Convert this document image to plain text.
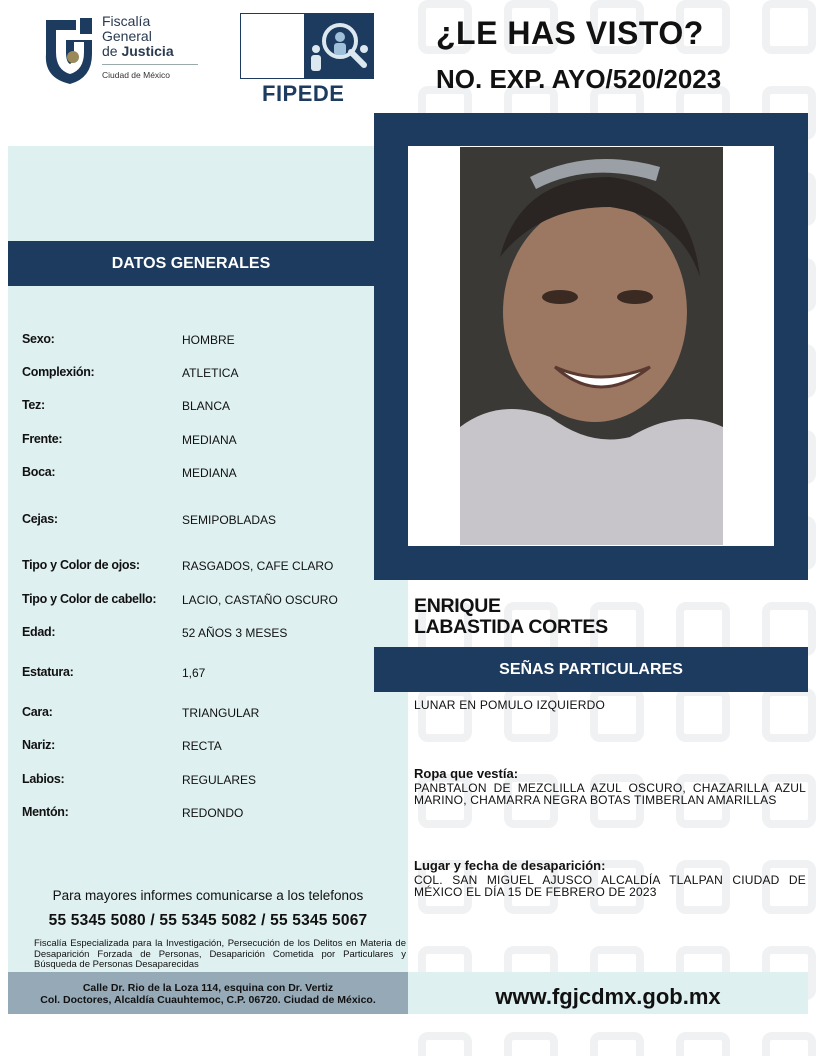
Fiscalía
General
de Justicia
Ciudad de México
FIPEDE
¿LE HAS VISTO?
NO. EXP. AYO/520/2023
DATOS GENERALES
Sexo:	HOMBRE
Complexión:	ATLETICA
Tez:	BLANCA
Frente:	MEDIANA
Boca:	MEDIANA
Cejas:	SEMIPOBLADAS
Tipo y Color de ojos:	RASGADOS, CAFE CLARO
Tipo y Color de cabello: LACIO, CASTAÑO OSCURO
Edad:	52 AÑOS 3 MESES
Estatura:	1,67
Cara:	TRIANGULAR
Nariz:	RECTA
Labios:	REGULARES
Mentón:	REDONDO
ENRIQUE
LABASTIDA CORTES
SEÑAS PARTICULARES
LUNAR EN POMULO IZQUIERDO
Ropa que vestía:
PANBTALON DE MEZCLILLA AZUL OSCURO, CHAZARILLA AZUL MARINO, CHAMARRA NEGRA BOTAS TIMBERLAN AMARILLAS
Lugar y fecha de desaparición:
COL. SAN MIGUEL AJUSCO ALCALDÍA TLALPAN CIUDAD DE MÉXICO EL DÍA 15 DE FEBRERO DE 2023
Para mayores informes comunicarse a los telefonos
55 5345 5080 / 55 5345 5082 / 55 5345 5067
Fiscalía Especializada para la Investigación, Persecución de los Delitos en Materia de Desaparición Forzada de Personas, Desaparición Cometida por Particulares y Búsqueda de Personas Desaparecidas
Calle Dr. Rio de la Loza 114, esquina con Dr. Vertiz
Col. Doctores, Alcaldía Cuauhtemoc, C.P. 06720. Ciudad de México.	www.fgjcdmx.gob.mx
